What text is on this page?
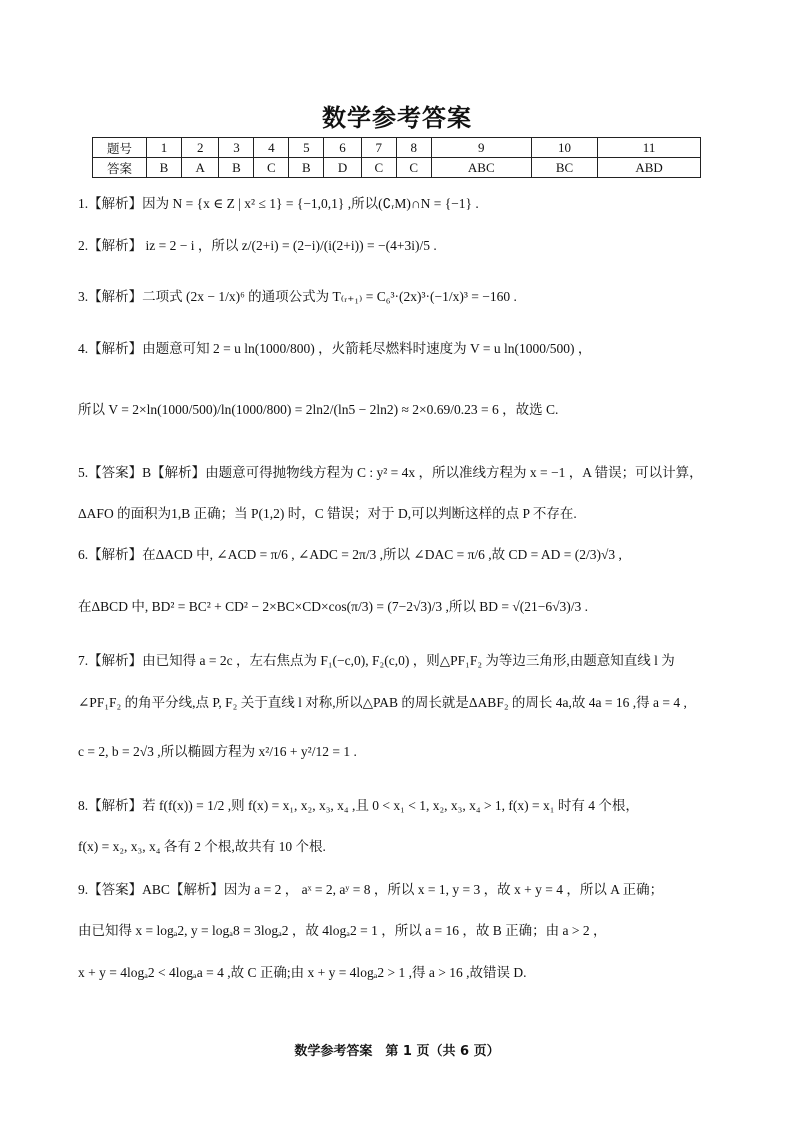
数学参考答案
题号	1	2	3	4	5	6	7	8	9	10	11
答案	B	A	B	C	B	D	C	C	ABC	BC	ABD
1.【解析】因为 N = {x ∈ Z | x² ≤ 1} = {−1,0,1} ,所以(∁ᵣM)∩N = {−1} .
2.【解析】 iz = 2 − i ，所以 z/(2+i) = (2−i)/(i(2+i)) = −(4+3i)/5 .
3.【解析】二项式 (2x − 1/x)⁶ 的通项公式为 T₍ᵣ₊₁₎ = C₆³·(2x)³·(−1/x)³ = −160 .
4.【解析】由题意可知 2 = u ln(1000/800) ，火箭耗尽燃料时速度为 V = u ln(1000/500) ，
所以 V = 2×ln(1000/500)/ln(1000/800) = 2ln2/(ln5 − 2ln2) ≈ 2×0.69/0.23 = 6 ，故选 C.
5.【答案】B【解析】由题意可得抛物线方程为 C : y² = 4x ，所以准线方程为 x = −1 ，A 错误；可以计算，
ΔAFO 的面积为1,B 正确；当 P(1,2) 时，C 错误；对于 D,可以判断这样的点 P 不存在.
6.【解析】在ΔACD 中, ∠ACD = π/6 , ∠ADC = 2π/3 ,所以 ∠DAC = π/6 ,故 CD = AD = (2/3)√3 ,
在ΔBCD 中, BD² = BC² + CD² − 2×BC×CD×cos(π/3) = (7−2√3)/3 ,所以 BD = √(21−6√3)/3 .
7.【解析】由已知得 a = 2c ，左右焦点为 F₁(−c,0), F₂(c,0) ，则△PF₁F₂ 为等边三角形,由题意知直线 l 为
∠PF₁F₂ 的角平分线,点 P, F₂ 关于直线 l 对称,所以△PAB 的周长就是ΔABF₂ 的周长 4a,故 4a = 16 ,得 a = 4 ,
c = 2, b = 2√3 ,所以椭圆方程为 x²/16 + y²/12 = 1 .
8.【解析】若 f(f(x)) = 1/2 ,则 f(x) = x₁, x₂, x₃, x₄ ,且 0 < x₁ < 1, x₂, x₃, x₄ > 1, f(x) = x₁ 时有 4 个根，
f(x) = x₂, x₃, x₄ 各有 2 个根,故共有 10 个根.
9.【答案】ABC【解析】因为 a = 2 ， aˣ = 2, aʸ = 8 ，所以 x = 1, y = 3 ，故 x + y = 4 ，所以 A 正确；
由已知得 x = logₐ2, y = logₐ8 = 3logₐ2 ，故 4logₐ2 = 1 ，所以 a = 16 ，故 B 正确；由 a > 2 ，
x + y = 4logₐ2 < 4logₐa = 4 ,故 C 正确;由 x + y = 4logₐ2 > 1 ,得 a > 16 ,故错误 D.
数学参考答案　第 1 页（共 6 页）
